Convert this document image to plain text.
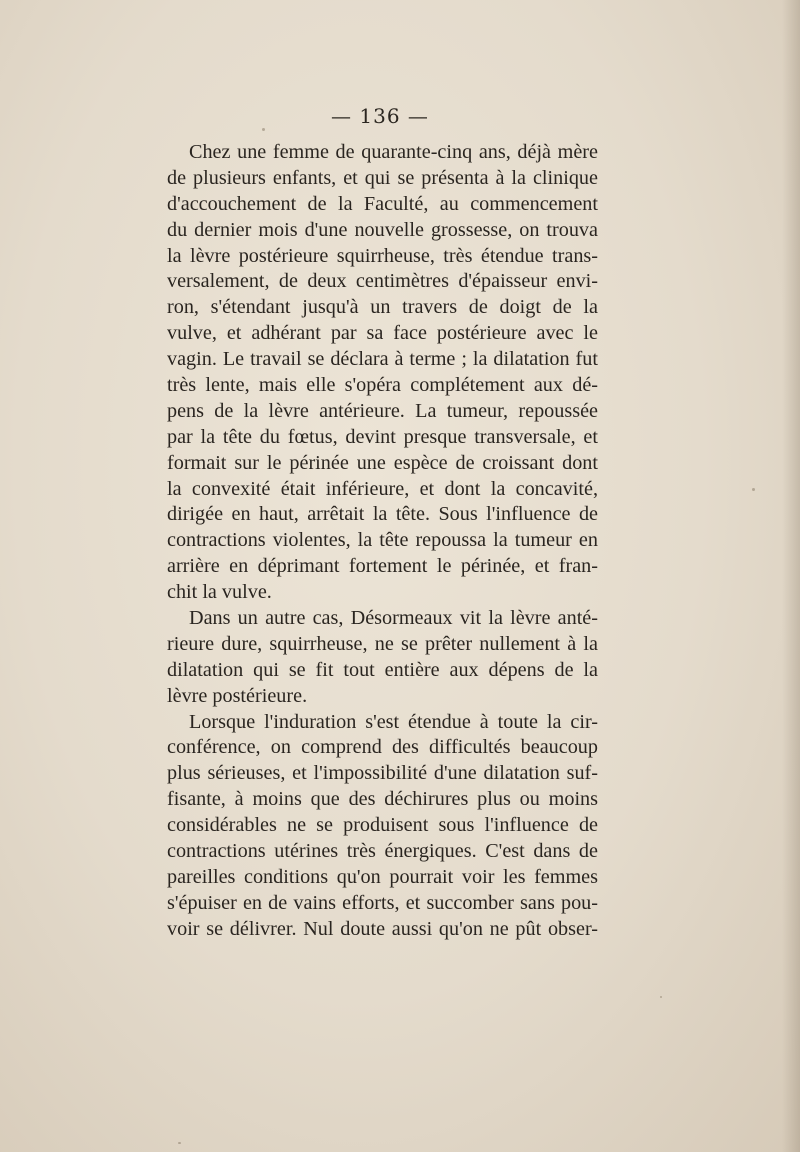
— 136 —
Chez une femme de quarante-cinq ans, déjà mère
de plusieurs enfants, et qui se présenta à la clinique
d'accouchement de la Faculté, au commencement
du dernier mois d'une nouvelle grossesse, on trouva
la lèvre postérieure squirrheuse, très étendue trans-
versalement, de deux centimètres d'épaisseur envi-
ron, s'étendant jusqu'à un travers de doigt de la
vulve, et adhérant par sa face postérieure avec le
vagin. Le travail se déclara à terme ; la dilatation fut
très lente, mais elle s'opéra complétement aux dé-
pens de la lèvre antérieure. La tumeur, repoussée
par la tête du fœtus, devint presque transversale, et
formait sur le périnée une espèce de croissant dont
la convexité était inférieure, et dont la concavité,
dirigée en haut, arrêtait la tête. Sous l'influence de
contractions violentes, la tête repoussa la tumeur en
arrière en déprimant fortement le périnée, et fran-
chit la vulve.
Dans un autre cas, Désormeaux vit la lèvre anté-
rieure dure, squirrheuse, ne se prêter nullement à la
dilatation qui se fit tout entière aux dépens de la
lèvre postérieure.
Lorsque l'induration s'est étendue à toute la cir-
conférence, on comprend des difficultés beaucoup
plus sérieuses, et l'impossibilité d'une dilatation suf-
fisante, à moins que des déchirures plus ou moins
considérables ne se produisent sous l'influence de
contractions utérines très énergiques. C'est dans de
pareilles conditions qu'on pourrait voir les femmes
s'épuiser en de vains efforts, et succomber sans pou-
voir se délivrer. Nul doute aussi qu'on ne pût obser-
